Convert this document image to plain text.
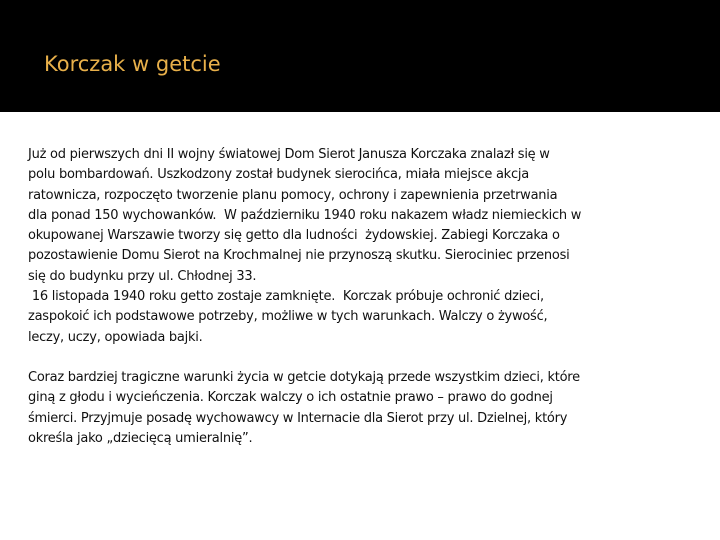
Korczak w getcie
Już od pierwszych dni II wojny światowej Dom Sierot Janusza Korczaka znalazł się w
polu bombardowań. Uszkodzony został budynek sierocińca, miała miejsce akcja
ratownicza, rozpoczęto tworzenie planu pomocy, ochrony i zapewnienia przetrwania
dla ponad 150 wychowanków.  W październiku 1940 roku nakazem władz niemieckich w
okupowanej Warszawie tworzy się getto dla ludności  żydowskiej. Zabiegi Korczaka o
pozostawienie Domu Sierot na Krochmalnej nie przynoszą skutku. Sierociniec przenosi
się do budynku przy ul. Chłodnej 33.
16 listopada 1940 roku getto zostaje zamknięte.  Korczak próbuje ochronić dzieci,
zaspokoić ich podstawowe potrzeby, możliwe w tych warunkach. Walczy o żywość,
leczy, uczy, opowiada bajki.
Coraz bardziej tragiczne warunki życia w getcie dotykają przede wszystkim dzieci, które
giną z głodu i wycieńczenia. Korczak walczy o ich ostatnie prawo – prawo do godnej
śmierci. Przyjmuje posadę wychowawcy w Internacie dla Sierot przy ul. Dzielnej, który
określa jako „dziecięcą umieralnię”.
